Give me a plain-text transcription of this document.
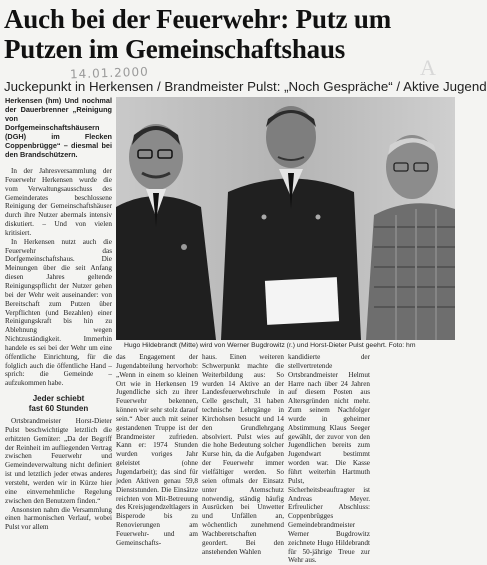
A
Auch bei der Feuerwehr: Putz um
Putzen im Gemeinschaftshaus
14.01.2000
Juckepunkt in Herkensen / Brandmeister Pulst: „Noch Gespräche“ / Aktive Jugend

Herkensen (hm) Und nochmal der Dauerbrenner „Reinigung von Dorfgemeinschaftshäusern (DGH) im Flecken Coppenbrügge“ – diesmal bei den Brandschützern.

In der Jahresversammlung der Feuerwehr Herkensen wurde die vom Verwaltungsausschuss des Gemeinderates beschlossene Reinigung der Gemeinschaftshäuser durch ihre Nutzer abermals intensiv diskutiert. – Und von vielen kritisiert.

In Herkensen nutzt auch die Feuerwehr das Dorfgemeinschaftshaus. Die Meinungen über die seit Anfang diesen Jahres geltende Reinigungspflicht der Nutzer gehen bei der Wehr weit auseinander: von Bereitschaft zum Putzen über Verpflichten (und Bezahlen) einer Reinigungskraft bis hin zu Ablehnung wegen Nichtzuständigkeit. Immerhin handele es sei bei der Wehr um eine öffentliche Einrichtung, für die folglich auch die öffentliche Hand – sprich: die Gemeinde – aufzukommen habe.

Jeder schiebt
fast 60 Stunden

Ortsbrandmeister Horst-Dieter Pulst beschwichtigte letztlich die erhitzten Gemüter: „Da der Begriff der Reinheit im aufliegenden Vertrag zwischen Feuerwehr und Gemeindeverwaltung nicht definiert ist und letztlich jeder etwas anderes versteht, werden wir in Kürze hier eine einvernehmliche Regelung zwischen den Benutzern finden.“

Ansonsten nahm die Versammlung einen harmonischen Verlauf, wobei Pulst vor allem

Hugo Hildebrandt (Mitte) wird von Werner Bugdrowitz (r.) und Horst-Dieter Pulst geehrt. Foto: hm

das Engagement der Jugendabteilung hervorhob: „Wenn in einem so kleinen Ort wie in Herkensen 19 Jugendliche sich zu ihrer Feuerwehr bekennen, können wir sehr stolz darauf sein.“ Aber auch mit seiner gestandenen Truppe ist der Brandmeister zufrieden. Kann er: 1974 Stunden wurden voriges Jahr geleistet (ohne Jugendarbeit); das sind für jeden Aktiven genau 59,8 Dienststunden. Die Einsätze reichten von Mit-Betreuung des Kreisjugendzeltlagers in Bisperode bis zu Renovierungen am Feuerwehr- und am Gemeinschafts-

haus. Einen weiteren Schwerpunkt machte die Weiterbildung aus: So wurden 14 Aktive an der Landesfeuerwehrschule in Celle geschult, 31 haben technische Lehrgänge in Kirchohsen besucht und 14 den Grundlehrgang absolviert. Pulst wies auf die hohe Bedeutung solcher Kurse hin, da die Aufgaben der Feuerwehr immer vielfältiger werden. So seien oftmals der Einsatz unter Atemschutz notwendig, ständig häufig Ausrücken bei Unwetter und Unfällen an, wöchentlich zunehmend Wachberetschaften geordert. Bei den anstehenden Wahlen

kandidierte der stellvertretende Ortsbrandmeister Helmut Harre nach über 24 Jahren auf diesem Posten aus Altersgründen nicht mehr. Zum seinem Nachfolger wurde in geheimer Abstimmung Klaus Seeger gewählt, der zuvor von den Jugendlichen bereits zum Jugendwart bestimmt worden war. Die Kasse führt weiterhin Hartmuth Pulst, Sicherheitsbeauftragter ist Andreas Meyer. Erfreulicher Abschluss: Coppenbrügges Gemeindebrandmeister Werner Bugdrowitz zeichnete Hugo Hildebrandt für 50-jährige Treue zur Wehr aus.
